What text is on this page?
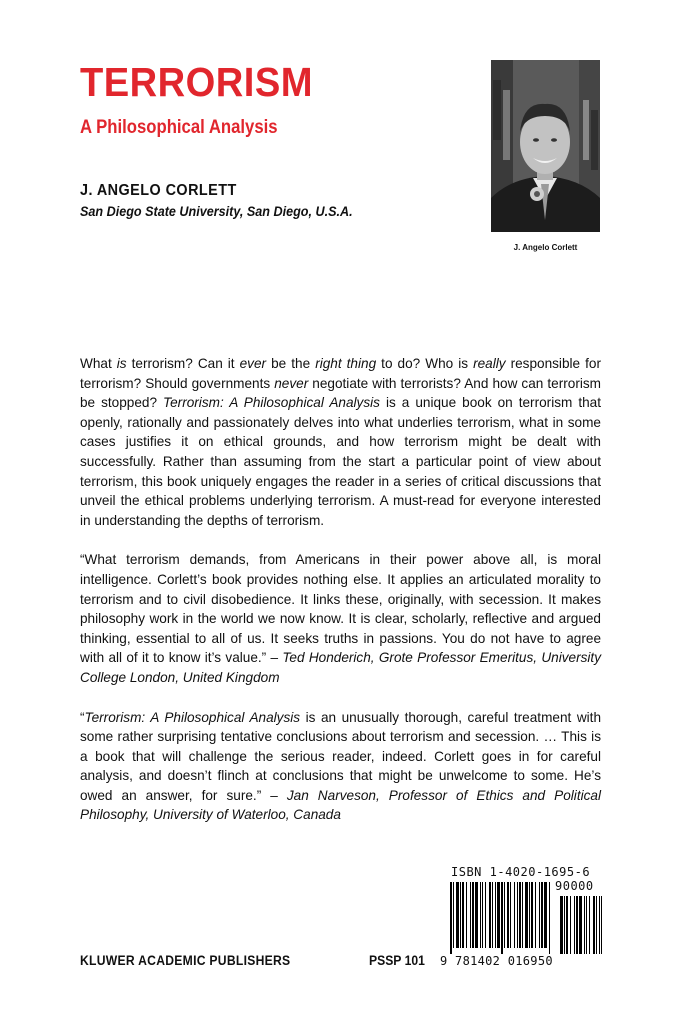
TERRORISM
A Philosophical Analysis
J. ANGELO CORLETT
San Diego State University, San Diego, U.S.A.
J. Angelo Corlett

What is terrorism? Can it ever be the right thing to do? Who is really responsible for terrorism? Should governments never negotiate with terrorists? And how can terrorism be stopped? Terrorism: A Philosophical Analysis is a unique book on terrorism that openly, rationally and passionately delves into what underlies terrorism, what in some cases justifies it on ethical grounds, and how terrorism might be dealt with successfully. Rather than assuming from the start a particular point of view about terrorism, this book uniquely engages the reader in a series of critical discussions that unveil the ethical problems underlying terrorism. A must-read for everyone interested in understanding the depths of terrorism.

“What terrorism demands, from Americans in their power above all, is moral intelligence. Corlett’s book provides nothing else. It applies an articulated morality to terrorism and to civil disobedience. It links these, originally, with secession. It makes philosophy work in the world we now know. It is clear, scholarly, reflective and argued thinking, essential to all of us. It seeks truths in passions. You do not have to agree with all of it to know it’s value.” – Ted Honderich, Grote Professor Emeritus, University College London, United Kingdom

“Terrorism: A Philosophical Analysis is an unusually thorough, careful treatment with some rather surprising tentative conclusions about terrorism and secession. … This is a book that will challenge the serious reader, indeed. Corlett goes in for careful analysis, and doesn’t flinch at conclusions that might be unwelcome to some. He’s owed an answer, for sure.” – Jan Narveson, Professor of Ethics and Political Philosophy, University of Waterloo, Canada

ISBN 1-4020-1695-6
90000
9 781402 016950
KLUWER ACADEMIC PUBLISHERS	PSSP 101
